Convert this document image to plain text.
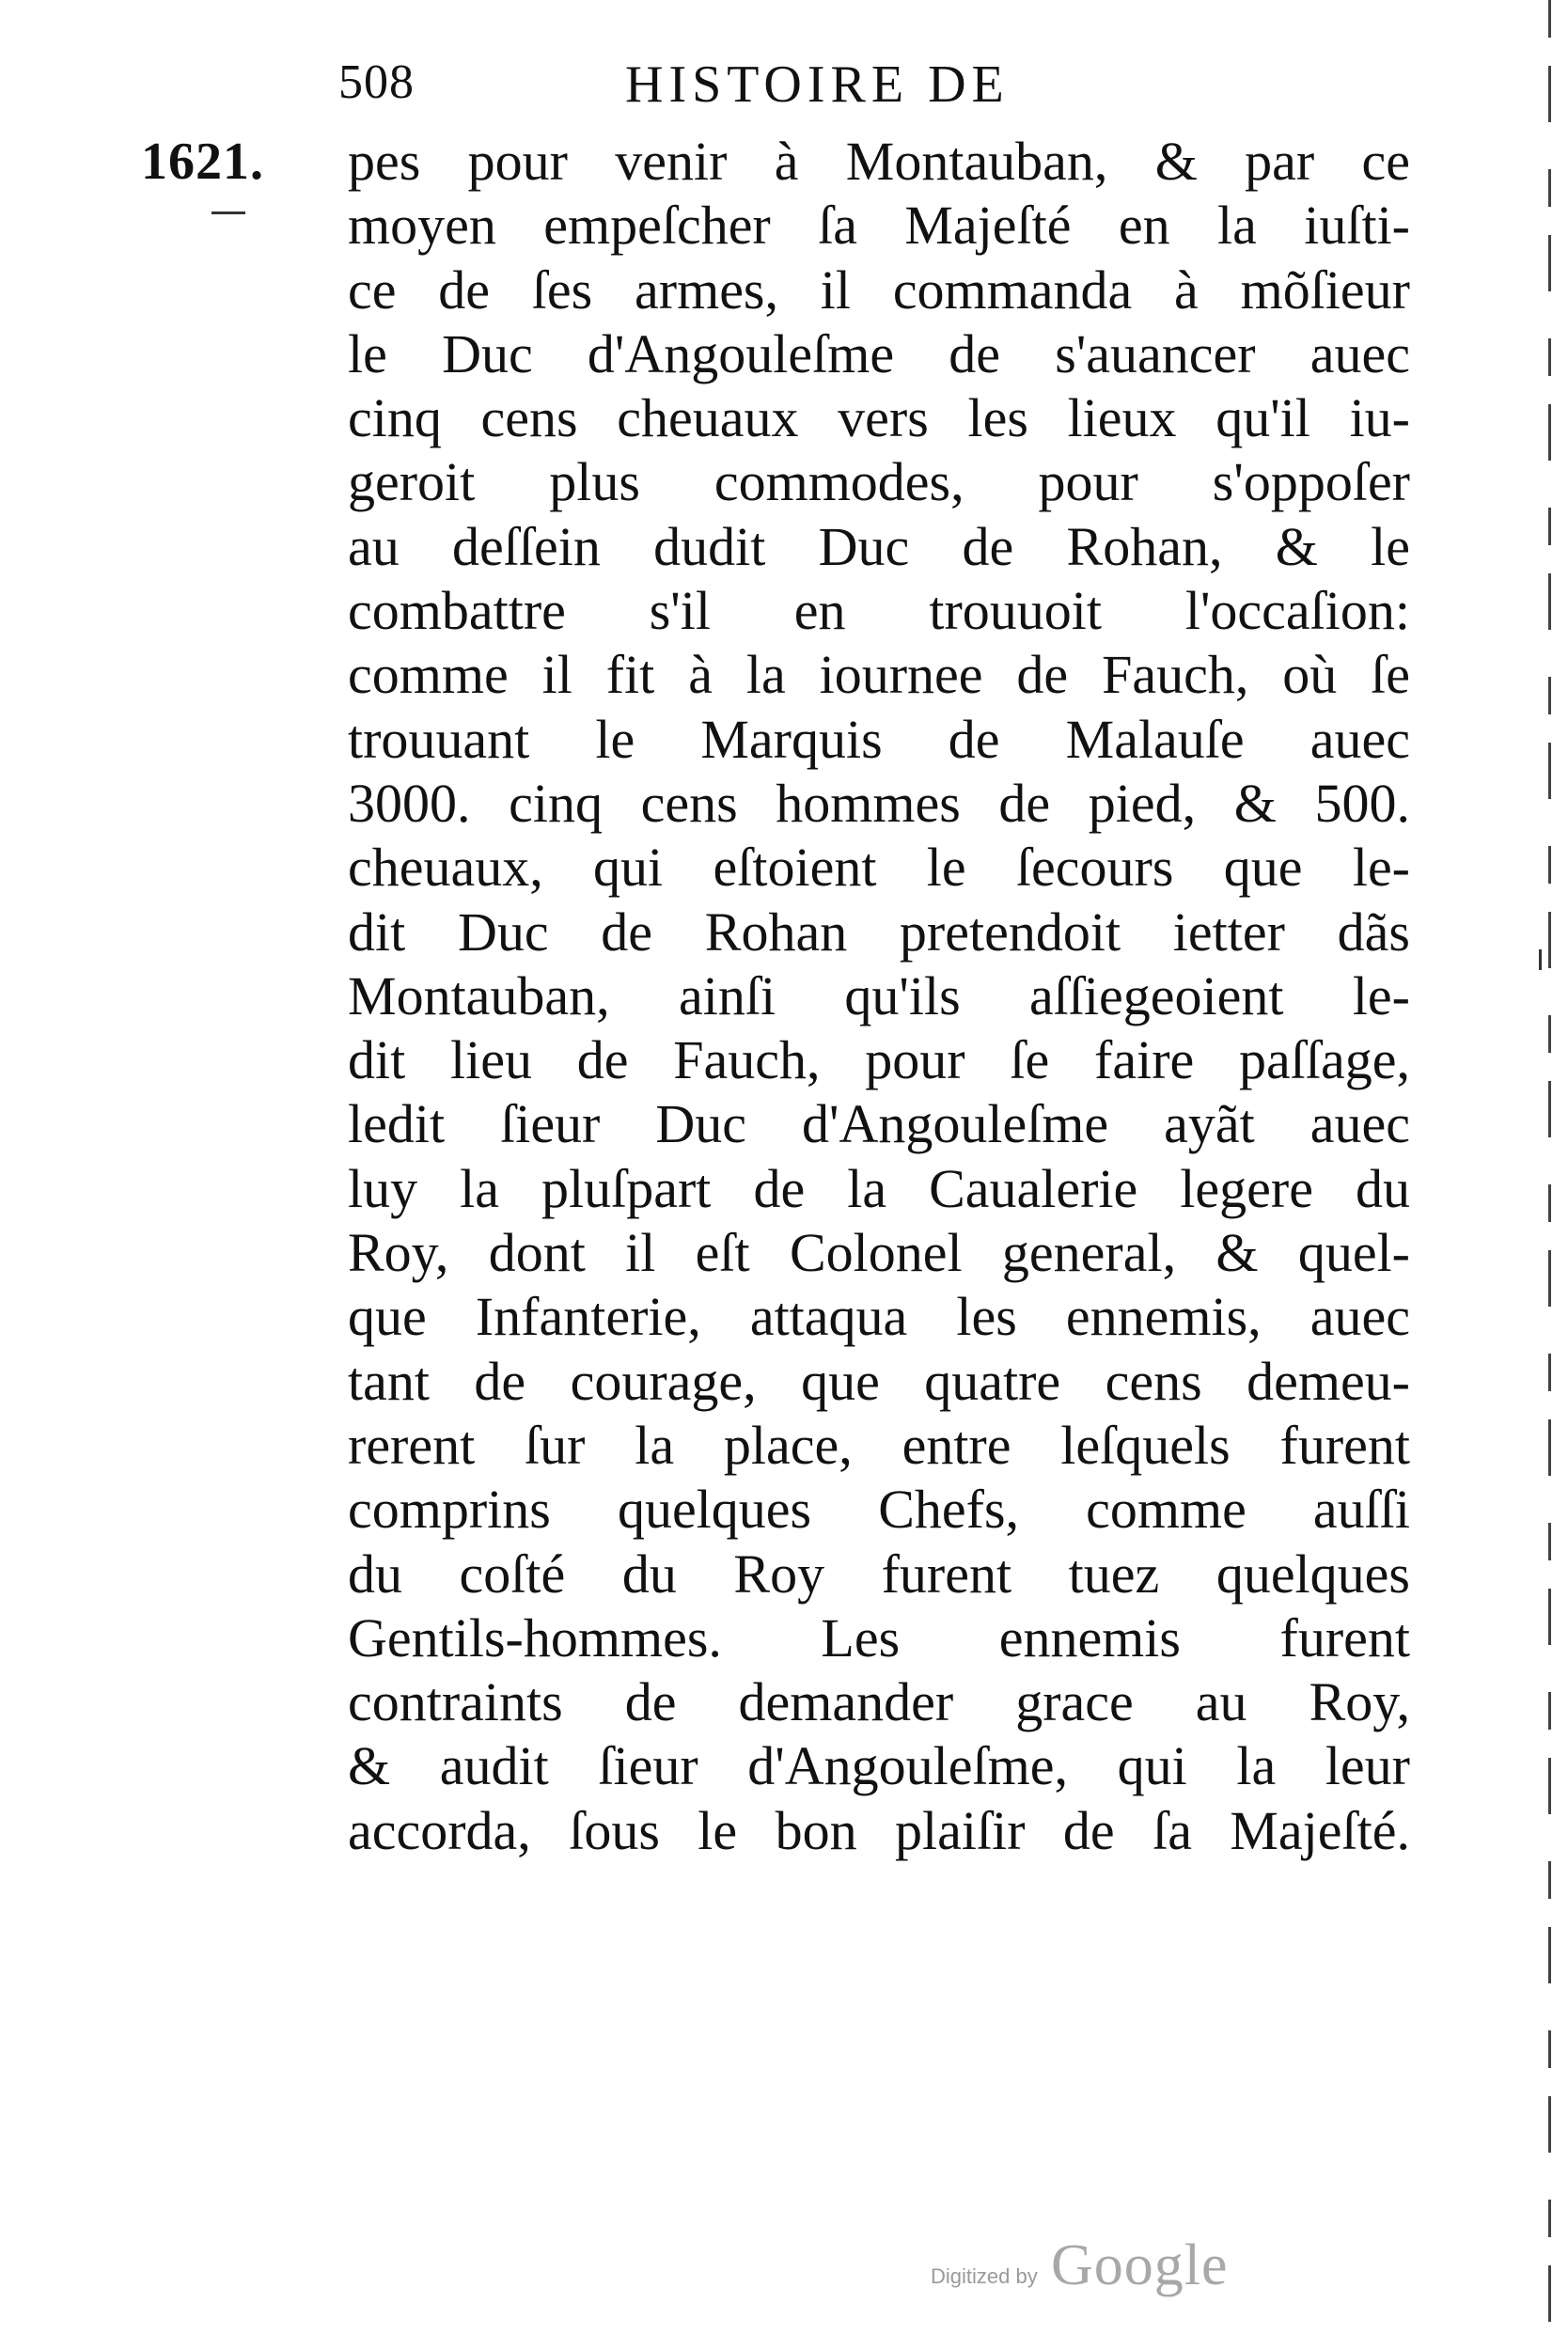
508	HISTOIRE DE
1621. pes pour venir à Montauban, & par ce
moyen empeſcher ſa Majeſté en la iuſti-
ce de ſes armes, il commanda à mõſieur
le Duc d'Angouleſme de s'auancer auec
cinq cens cheuaux vers les lieux qu'il iu-
geroit plus commodes, pour s'oppoſer
au deſſein dudit Duc de Rohan, & le
combattre s'il en trouuoit l'occaſion:
comme il fit à la iournee de Fauch, où ſe
trouuant le Marquis de Malauſe auec
3000. cinq cens hommes de pied, & 500.
cheuaux, qui eſtoient le ſecours que le-
dit Duc de Rohan pretendoit ietter dãs
Montauban, ainſi qu'ils aſſiegeoient le-
dit lieu de Fauch, pour ſe faire paſſage,
ledit ſieur Duc d'Angouleſme ayãt auec
luy la pluſpart de la Caualerie legere du
Roy, dont il eſt Colonel general, & quel-
que Infanterie, attaqua les ennemis, auec
tant de courage, que quatre cens demeu-
rerent ſur la place, entre leſquels furent
comprins quelques Chefs, comme auſſi
du coſté du Roy furent tuez quelques
Gentils-hommes. Les ennemis furent
contraints de demander grace au Roy,
& audit ſieur d'Angouleſme, qui la leur
accorda, ſous le bon plaiſir de ſa Majeſté.
Digitized by Google
